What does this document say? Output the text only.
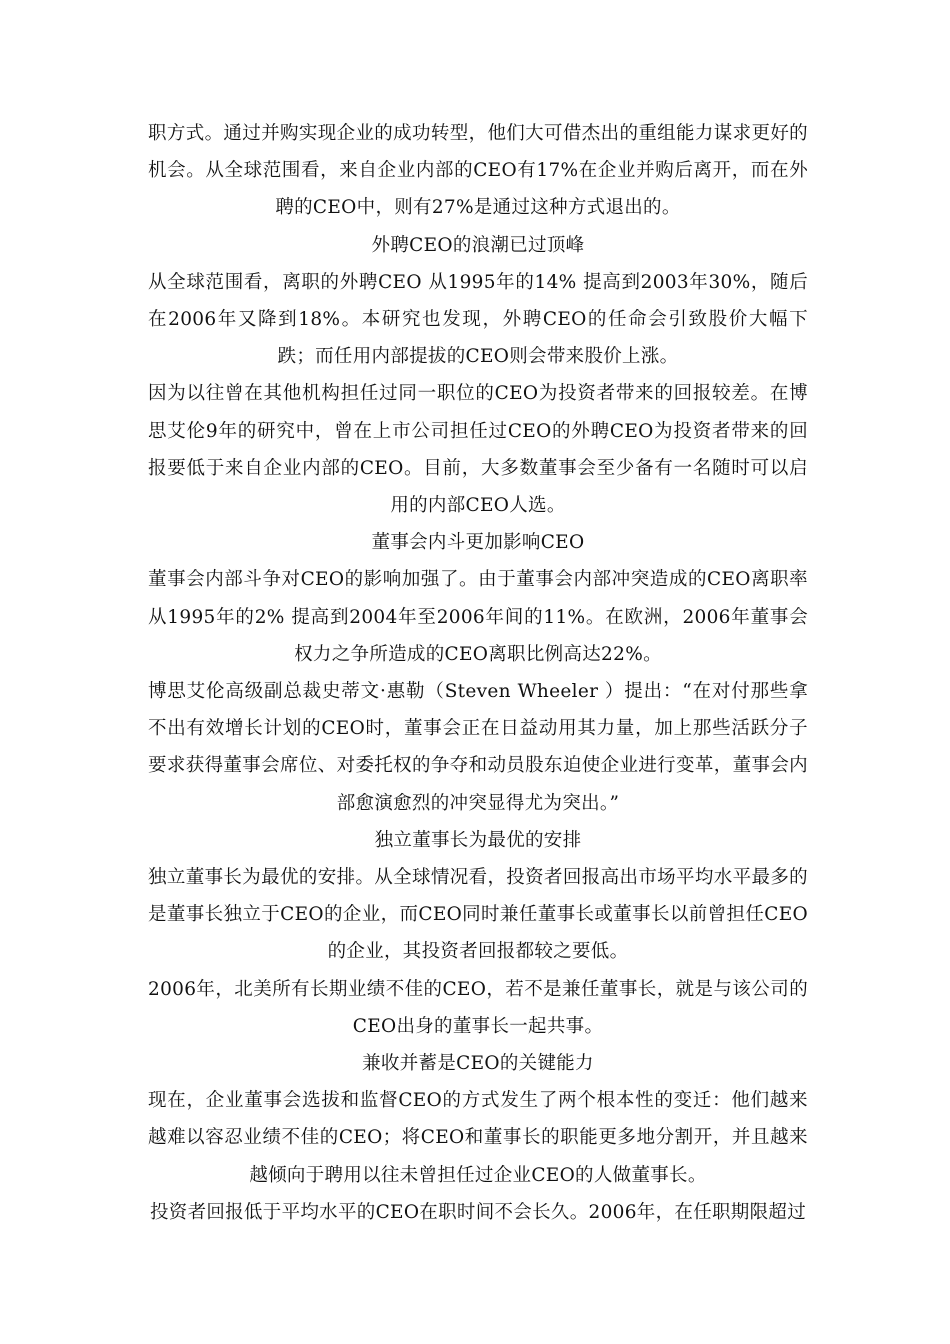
职方式。通过并购实现企业的成功转型，他们大可借杰出的重组能力谋求更好的机会。从全球范围看，来自企业内部的CEO有17%在企业并购后离开，而在外聘的CEO中，则有27%是通过这种方式退出的。

外聘CEO的浪潮已过顶峰

从全球范围看，离职的外聘CEO 从1995年的14% 提高到2003年30%，随后在2006年又降到18%。本研究也发现，外聘CEO的任命会引致股价大幅下跌；而任用内部提拔的CEO则会带来股价上涨。

因为以往曾在其他机构担任过同一职位的CEO为投资者带来的回报较差。在博思艾伦9年的研究中，曾在上市公司担任过CEO的外聘CEO为投资者带来的回报要低于来自企业内部的CEO。目前，大多数董事会至少备有一名随时可以启用的内部CEO人选。

董事会内斗更加影响CEO

董事会内部斗争对CEO的影响加强了。由于董事会内部冲突造成的CEO离职率从1995年的2% 提高到2004年至2006年间的11%。在欧洲，2006年董事会权力之争所造成的CEO离职比例高达22%。

博思艾伦高级副总裁史蒂文·惠勒（Steven Wheeler ）提出：“在对付那些拿不出有效增长计划的CEO时，董事会正在日益动用其力量，加上那些活跃分子要求获得董事会席位、对委托权的争夺和动员股东迫使企业进行变革，董事会内部愈演愈烈的冲突显得尤为突出。”

独立董事长为最优的安排

独立董事长为最优的安排。从全球情况看，投资者回报高出市场平均水平最多的是董事长独立于CEO的企业，而CEO同时兼任董事长或董事长以前曾担任CEO的企业，其投资者回报都较之要低。

2006年，北美所有长期业绩不佳的CEO，若不是兼任董事长，就是与该公司的CEO出身的董事长一起共事。

兼收并蓄是CEO的关键能力

现在，企业董事会选拔和监督CEO的方式发生了两个根本性的变迁：他们越来越难以容忍业绩不佳的CEO；将CEO和董事长的职能更多地分割开，并且越来越倾向于聘用以往未曾担任过企业CEO的人做董事长。

投资者回报低于平均水平的CEO在职时间不会长久。2006年，在任职期限超过
